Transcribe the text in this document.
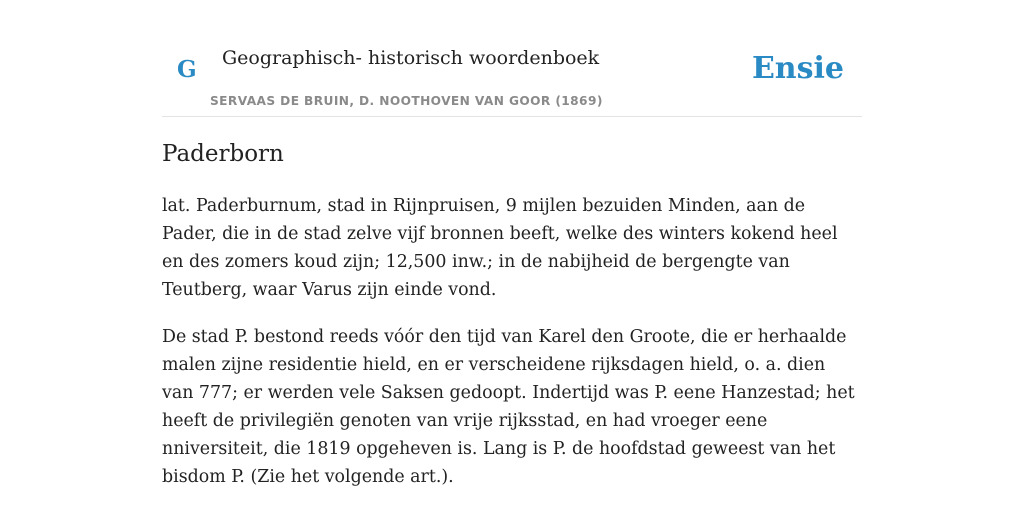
G Geographisch- historisch woordenboek
SERVAAS DE BRUIN, D. NOOTHOVEN VAN GOOR (1869)
Ensie
Paderborn

lat. Paderburnum, stad in Rijnpruisen, 9 mijlen bezuiden Minden, aan de Pader, die in de stad zelve vijf bronnen beeft, welke des winters kokend heel en des zomers koud zijn; 12,500 inw.; in de nabijheid de bergengte van Teutberg, waar Varus zijn einde vond.

De stad P. bestond reeds vóór den tijd van Karel den Groote, die er herhaalde malen zijne residentie hield, en er verscheidene rijksdagen hield, o. a. dien van 777; er werden vele Saksen gedoopt. Indertijd was P. eene Hanzestad; het heeft de privilegiën genoten van vrije rijksstad, en had vroeger eene nniversiteit, die 1819 opgeheven is. Lang is P. de hoofdstad geweest van het bisdom P. (Zie het volgende art.).
